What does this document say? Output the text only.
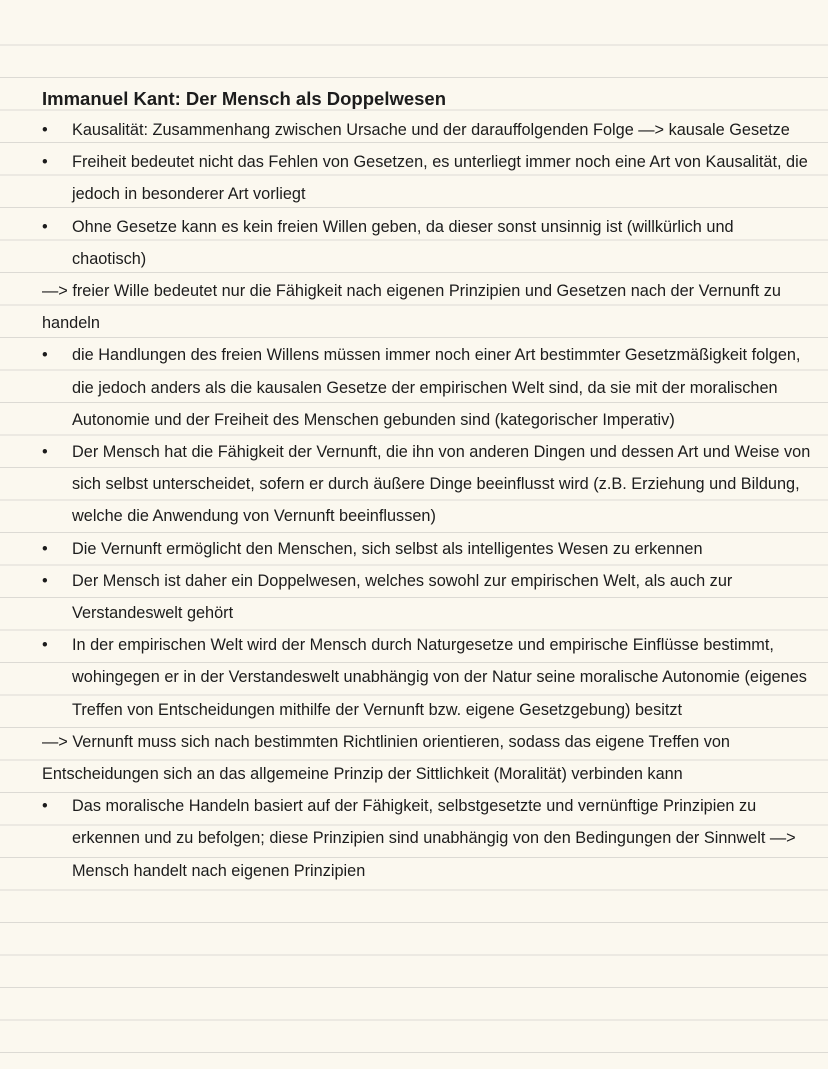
Immanuel Kant: Der Mensch als Doppelwesen
• Kausalität: Zusammenhang zwischen Ursache und der darauffolgenden Folge —> kausale Gesetze
• Freiheit bedeutet nicht das Fehlen von Gesetzen, es unterliegt immer noch eine Art von Kausalität, die jedoch in besonderer Art vorliegt
• Ohne Gesetze kann es kein freien Willen geben, da dieser sonst unsinnig ist (willkürlich und chaotisch)
—> freier Wille bedeutet nur die Fähigkeit nach eigenen Prinzipien und Gesetzen nach der Vernunft zu handeln
• die Handlungen des freien Willens müssen immer noch einer Art bestimmter Gesetzmäßigkeit folgen, die jedoch anders als die kausalen Gesetze der empirischen Welt sind, da sie mit der moralischen Autonomie und der Freiheit des Menschen gebunden sind (kategorischer Imperativ)
• Der Mensch hat die Fähigkeit der Vernunft, die ihn von anderen Dingen und dessen Art und Weise von sich selbst unterscheidet, sofern er durch äußere Dinge beeinflusst wird (z.B. Erziehung und Bildung, welche die Anwendung von Vernunft beeinflussen)
• Die Vernunft ermöglicht den Menschen, sich selbst als intelligentes Wesen zu erkennen
• Der Mensch ist daher ein Doppelwesen, welches sowohl zur empirischen Welt, als auch zur Verstandeswelt gehört
• In der empirischen Welt wird der Mensch durch Naturgesetze und empirische Einflüsse bestimmt, wohingegen er in der Verstandeswelt unabhängig von der Natur seine moralische Autonomie (eigenes Treffen von Entscheidungen mithilfe der Vernunft bzw. eigene Gesetzgebung) besitzt
—> Vernunft muss sich nach bestimmten Richtlinien orientieren, sodass das eigene Treffen von Entscheidungen sich an das allgemeine Prinzip der Sittlichkeit (Moralität) verbinden kann
• Das moralische Handeln basiert auf der Fähigkeit, selbstgesetzte und vernünftige Prinzipien zu erkennen und zu befolgen; diese Prinzipien sind unabhängig von den Bedingungen der Sinnwelt —> Mensch handelt nach eigenen Prinzipien
